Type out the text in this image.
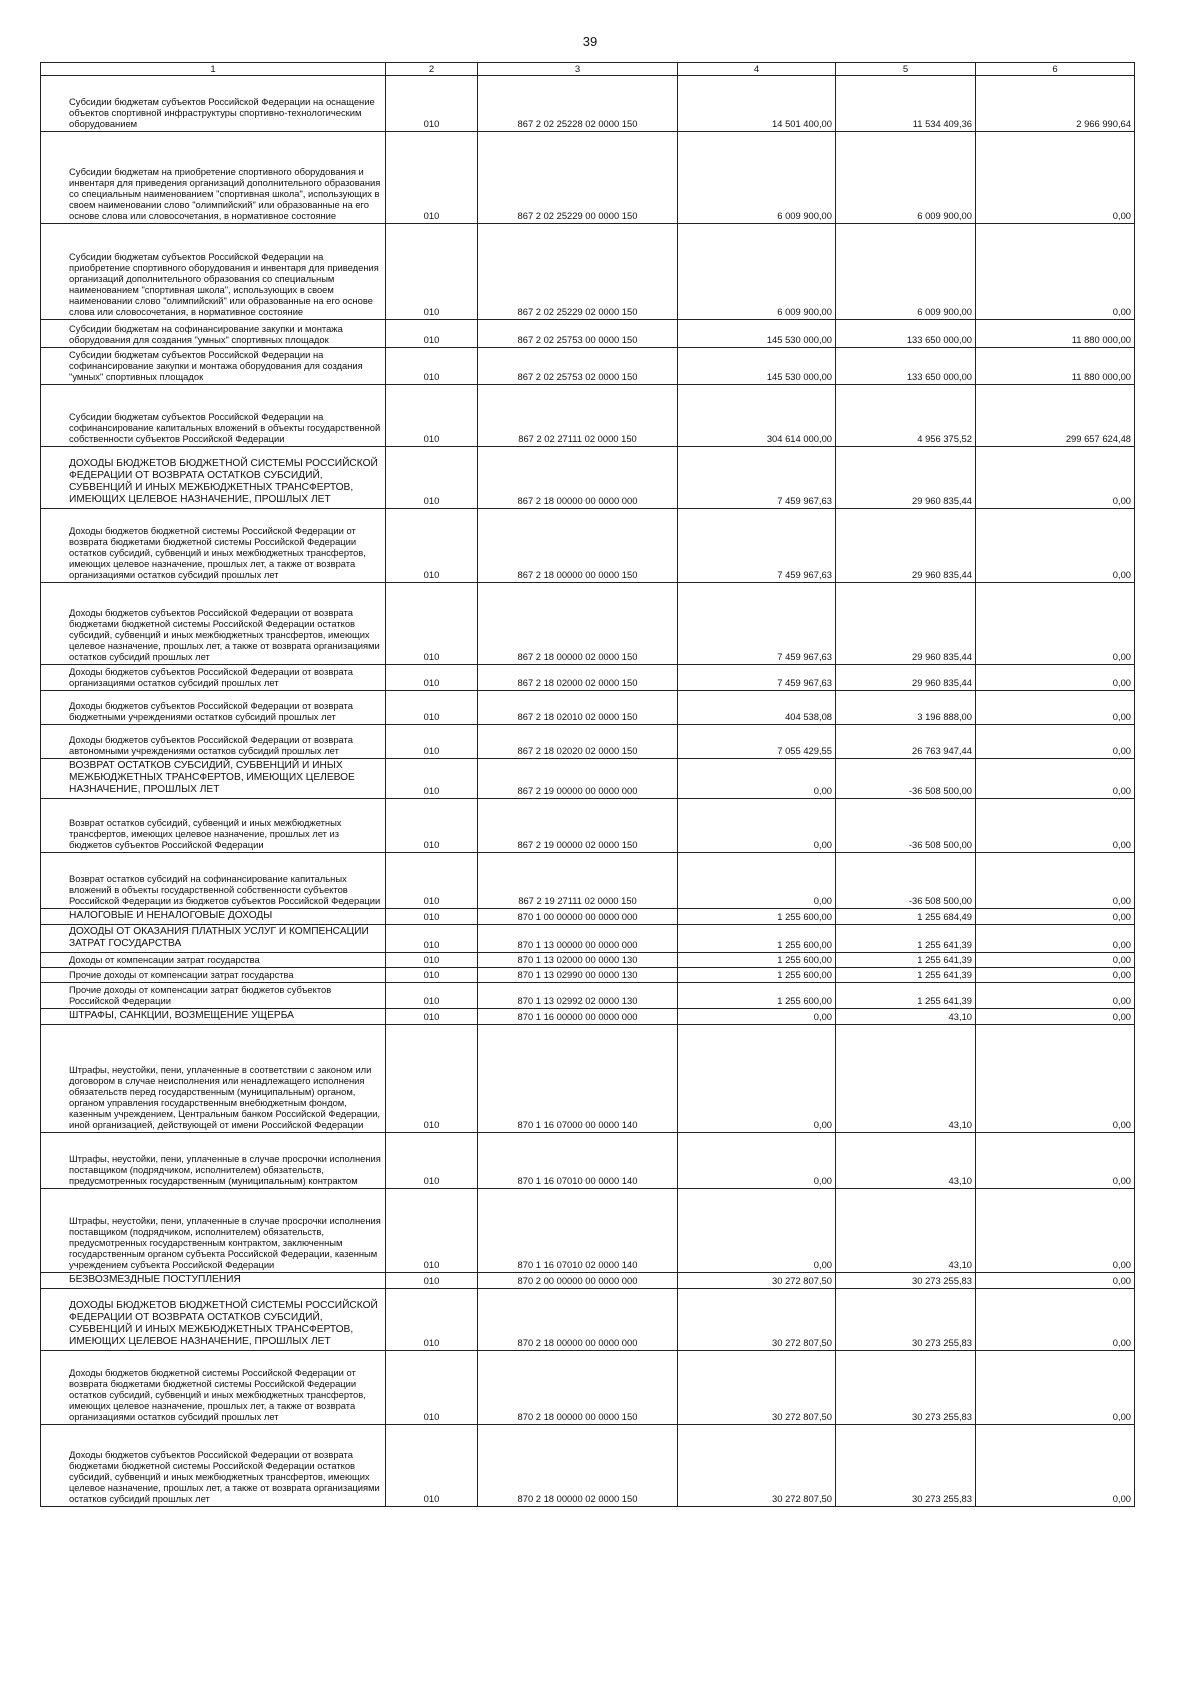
39
1	2	3	4	5	6
Субсидии бюджетам субъектов Российской Федерации на оснащение объектов спортивной инфраструктуры спортивно-технологическим оборудованием	010	867 2 02 25228 02 0000 150	14 501 400,00	11 534 409,36	2 966 990,64
Субсидии бюджетам на приобретение спортивного оборудования и инвентаря для приведения организаций дополнительного образования со специальным наименованием "спортивная школа", использующих в своем наименовании слово "олимпийский" или образованные на его основе слова или словосочетания, в нормативное состояние	010	867 2 02 25229 00 0000 150	6 009 900,00	6 009 900,00	0,00
Субсидии бюджетам субъектов Российской Федерации на приобретение спортивного оборудования и инвентаря для приведения организаций дополнительного образования со специальным наименованием "спортивная школа", использующих в своем наименовании слово "олимпийский" или образованные на его основе слова или словосочетания, в нормативное состояние	010	867 2 02 25229 02 0000 150	6 009 900,00	6 009 900,00	0,00
Субсидии бюджетам на софинансирование закупки и монтажа оборудования для создания "умных" спортивных площадок	010	867 2 02 25753 00 0000 150	145 530 000,00	133 650 000,00	11 880 000,00
Субсидии бюджетам субъектов Российской Федерации на софинансирование закупки и монтажа оборудования для создания "умных" спортивных площадок	010	867 2 02 25753 02 0000 150	145 530 000,00	133 650 000,00	11 880 000,00
Субсидии бюджетам субъектов Российской Федерации на софинансирование капитальных вложений в объекты государственной собственности субъектов Российской Федерации	010	867 2 02 27111 02 0000 150	304 614 000,00	4 956 375,52	299 657 624,48
ДОХОДЫ БЮДЖЕТОВ БЮДЖЕТНОЙ СИСТЕМЫ РОССИЙСКОЙ ФЕДЕРАЦИИ ОТ ВОЗВРАТА ОСТАТКОВ СУБСИДИЙ, СУБВЕНЦИЙ И ИНЫХ МЕЖБЮДЖЕТНЫХ ТРАНСФЕРТОВ, ИМЕЮЩИХ ЦЕЛЕВОЕ НАЗНАЧЕНИЕ, ПРОШЛЫХ ЛЕТ	010	867 2 18 00000 00 0000 000	7 459 967,63	29 960 835,44	0,00
Доходы бюджетов бюджетной системы Российской Федерации от возврата бюджетами бюджетной системы Российской Федерации остатков субсидий, субвенций и иных межбюджетных трансфертов, имеющих целевое назначение, прошлых лет, а также от возврата организациями остатков субсидий прошлых лет	010	867 2 18 00000 00 0000 150	7 459 967,63	29 960 835,44	0,00
Доходы бюджетов субъектов Российской Федерации от возврата бюджетами бюджетной системы Российской Федерации остатков субсидий, субвенций и иных межбюджетных трансфертов, имеющих целевое назначение, прошлых лет, а также от возврата организациями остатков субсидий прошлых лет	010	867 2 18 00000 02 0000 150	7 459 967,63	29 960 835,44	0,00
Доходы бюджетов субъектов Российской Федерации от возврата организациями остатков субсидий прошлых лет	010	867 2 18 02000 02 0000 150	7 459 967,63	29 960 835,44	0,00
Доходы бюджетов субъектов Российской Федерации от возврата бюджетными учреждениями остатков субсидий прошлых лет	010	867 2 18 02010 02 0000 150	404 538,08	3 196 888,00	0,00
Доходы бюджетов субъектов Российской Федерации от возврата автономными учреждениями остатков субсидий прошлых лет	010	867 2 18 02020 02 0000 150	7 055 429,55	26 763 947,44	0,00
ВОЗВРАТ ОСТАТКОВ СУБСИДИЙ, СУБВЕНЦИЙ И ИНЫХ МЕЖБЮДЖЕТНЫХ ТРАНСФЕРТОВ, ИМЕЮЩИХ ЦЕЛЕВОЕ НАЗНАЧЕНИЕ, ПРОШЛЫХ ЛЕТ	010	867 2 19 00000 00 0000 000	0,00	-36 508 500,00	0,00
Возврат остатков субсидий, субвенций и иных межбюджетных трансфертов, имеющих целевое назначение, прошлых лет из бюджетов субъектов Российской Федерации	010	867 2 19 00000 02 0000 150	0,00	-36 508 500,00	0,00
Возврат остатков субсидий на софинансирование капитальных вложений в объекты государственной собственности субъектов Российской Федерации из бюджетов субъектов Российской Федерации	010	867 2 19 27111 02 0000 150	0,00	-36 508 500,00	0,00
НАЛОГОВЫЕ И НЕНАЛОГОВЫЕ ДОХОДЫ	010	870 1 00 00000 00 0000 000	1 255 600,00	1 255 684,49	0,00
ДОХОДЫ ОТ ОКАЗАНИЯ ПЛАТНЫХ УСЛУГ И КОМПЕНСАЦИИ ЗАТРАТ ГОСУДАРСТВА	010	870 1 13 00000 00 0000 000	1 255 600,00	1 255 641,39	0,00
Доходы от компенсации затрат государства	010	870 1 13 02000 00 0000 130	1 255 600,00	1 255 641,39	0,00
Прочие доходы от компенсации затрат государства	010	870 1 13 02990 00 0000 130	1 255 600,00	1 255 641,39	0,00
Прочие доходы от компенсации затрат бюджетов субъектов Российской Федерации	010	870 1 13 02992 02 0000 130	1 255 600,00	1 255 641,39	0,00
ШТРАФЫ, САНКЦИИ, ВОЗМЕЩЕНИЕ УЩЕРБА	010	870 1 16 00000 00 0000 000	0,00	43,10	0,00
Штрафы, неустойки, пени, уплаченные в соответствии с законом или договором в случае неисполнения или ненадлежащего исполнения обязательств перед государственным (муниципальным) органом, органом управления государственным внебюджетным фондом, казенным учреждением, Центральным банком Российской Федерации, иной организацией, действующей от имени Российской Федерации	010	870 1 16 07000 00 0000 140	0,00	43,10	0,00
Штрафы, неустойки, пени, уплаченные в случае просрочки исполнения поставщиком (подрядчиком, исполнителем) обязательств, предусмотренных государственным (муниципальным) контрактом	010	870 1 16 07010 00 0000 140	0,00	43,10	0,00
Штрафы, неустойки, пени, уплаченные в случае просрочки исполнения поставщиком (подрядчиком, исполнителем) обязательств, предусмотренных государственным контрактом, заключенным государственным органом субъекта Российской Федерации, казенным учреждением субъекта Российской Федерации	010	870 1 16 07010 02 0000 140	0,00	43,10	0,00
БЕЗВОЗМЕЗДНЫЕ ПОСТУПЛЕНИЯ	010	870 2 00 00000 00 0000 000	30 272 807,50	30 273 255,83	0,00
ДОХОДЫ БЮДЖЕТОВ БЮДЖЕТНОЙ СИСТЕМЫ РОССИЙСКОЙ ФЕДЕРАЦИИ ОТ ВОЗВРАТА ОСТАТКОВ СУБСИДИЙ, СУБВЕНЦИЙ И ИНЫХ МЕЖБЮДЖЕТНЫХ ТРАНСФЕРТОВ, ИМЕЮЩИХ ЦЕЛЕВОЕ НАЗНАЧЕНИЕ, ПРОШЛЫХ ЛЕТ	010	870 2 18 00000 00 0000 000	30 272 807,50	30 273 255,83	0,00
Доходы бюджетов бюджетной системы Российской Федерации от возврата бюджетами бюджетной системы Российской Федерации остатков субсидий, субвенций и иных межбюджетных трансфертов, имеющих целевое назначение, прошлых лет, а также от возврата организациями остатков субсидий прошлых лет	010	870 2 18 00000 00 0000 150	30 272 807,50	30 273 255,83	0,00
Доходы бюджетов субъектов Российской Федерации от возврата бюджетами бюджетной системы Российской Федерации остатков субсидий, субвенций и иных межбюджетных трансфертов, имеющих целевое назначение, прошлых лет, а также от возврата организациями остатков субсидий прошлых лет	010	870 2 18 00000 02 0000 150	30 272 807,50	30 273 255,83	0,00
